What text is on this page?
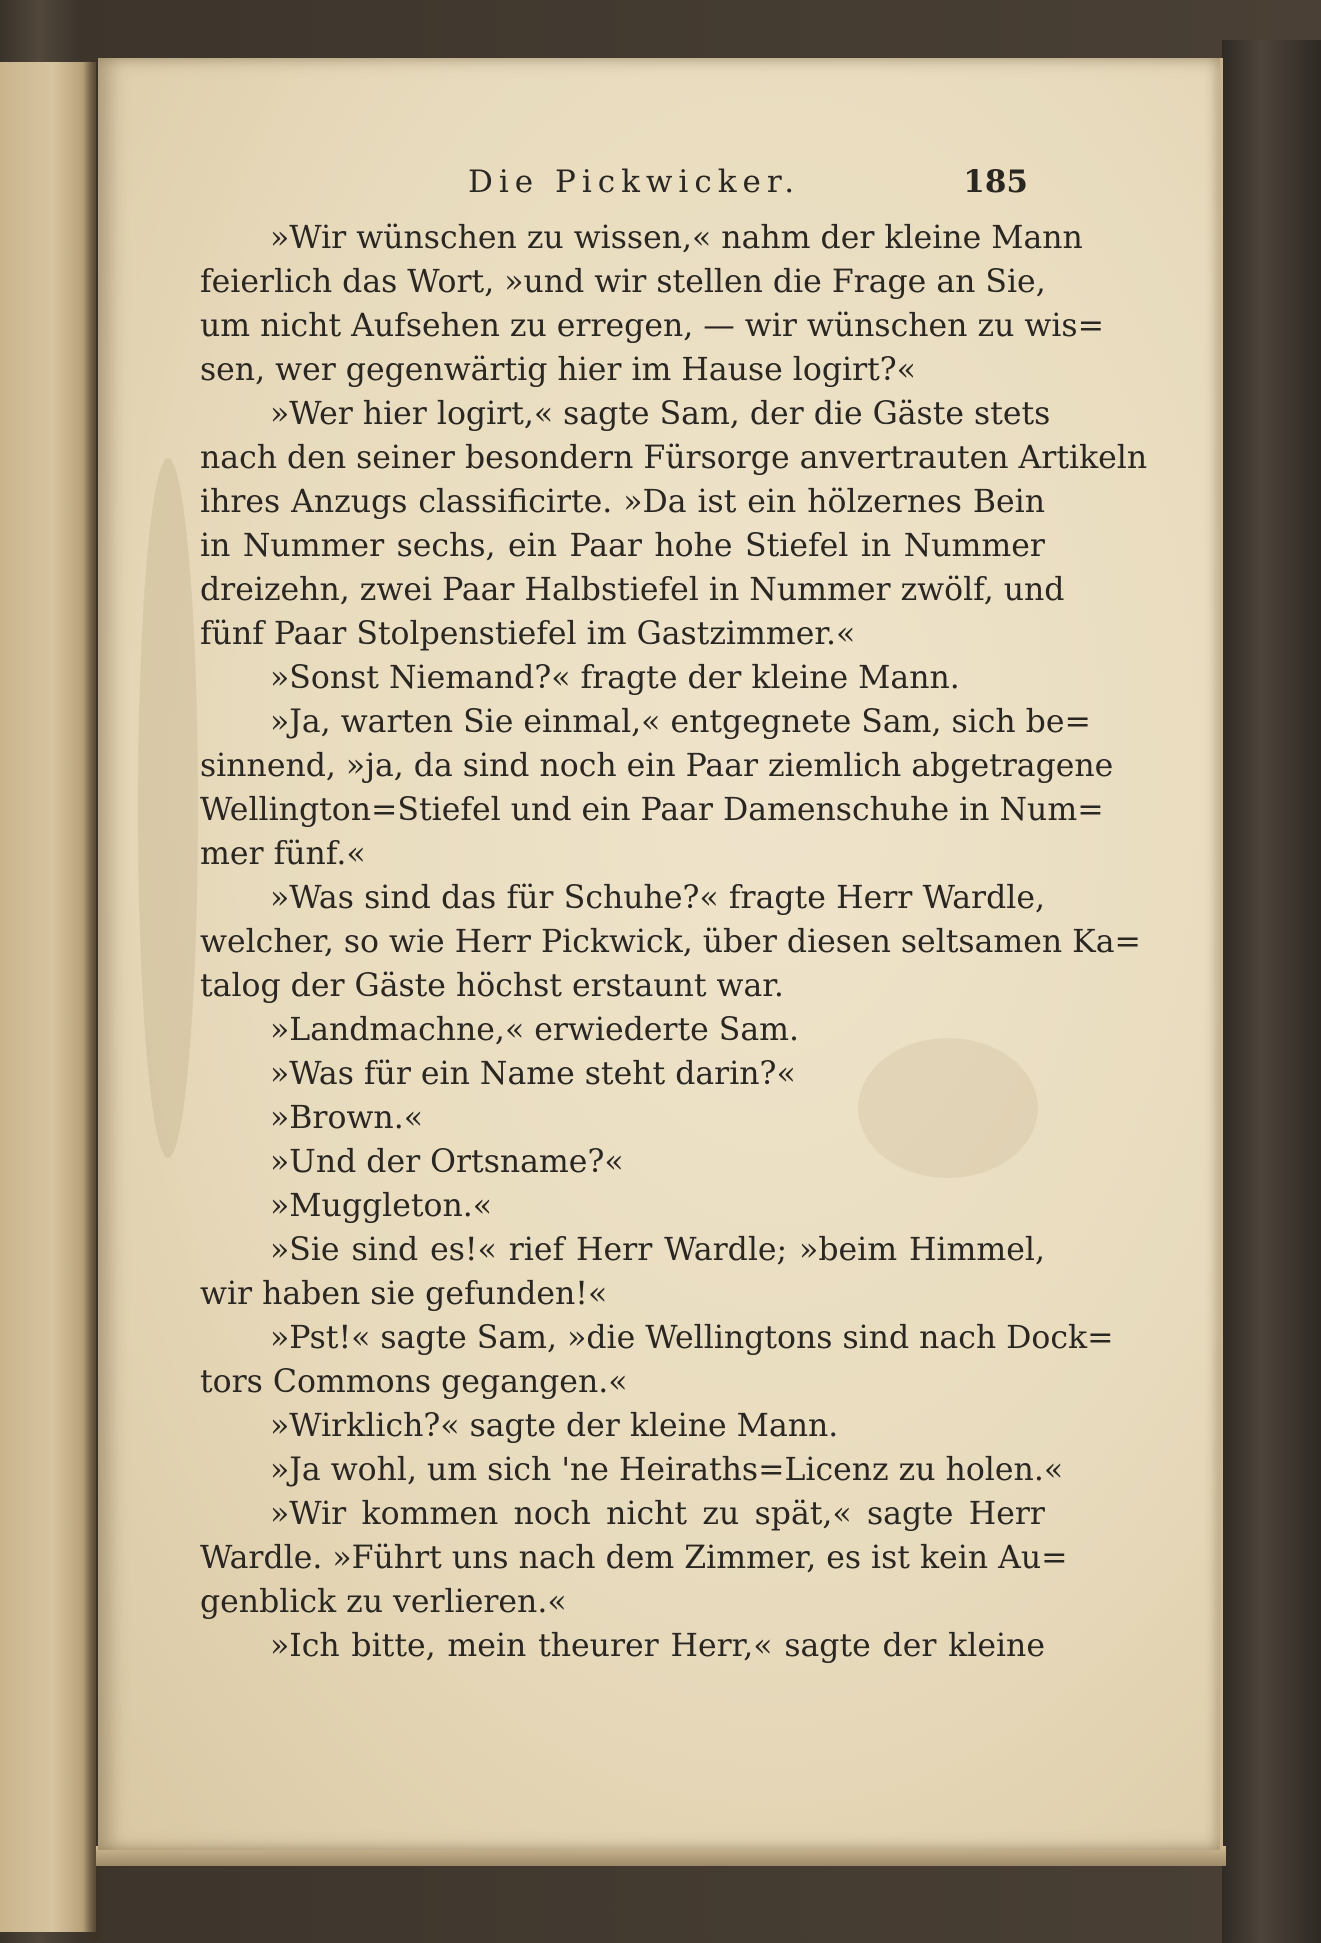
Die Pickwicker.	185
»Wir wünschen zu wissen,« nahm der kleine Mann
feierlich das Wort, »und wir stellen die Frage an Sie,
um nicht Aufsehen zu erregen, — wir wünschen zu wis=
sen, wer gegenwärtig hier im Hause logirt?«
»Wer hier logirt,« sagte Sam, der die Gäste stets
nach den seiner besondern Fürsorge anvertrauten Artikeln
ihres Anzugs classificirte. »Da ist ein hölzernes Bein
in Nummer sechs, ein Paar hohe Stiefel in Nummer
dreizehn, zwei Paar Halbstiefel in Nummer zwölf, und
fünf Paar Stolpenstiefel im Gastzimmer.«
»Sonst Niemand?« fragte der kleine Mann.
»Ja, warten Sie einmal,« entgegnete Sam, sich be=
sinnend, »ja, da sind noch ein Paar ziemlich abgetragene
Wellington=Stiefel und ein Paar Damenschuhe in Num=
mer fünf.«
»Was sind das für Schuhe?« fragte Herr Wardle,
welcher, so wie Herr Pickwick, über diesen seltsamen Ka=
talog der Gäste höchst erstaunt war.
»Landmachne,« erwiederte Sam.
»Was für ein Name steht darin?«
»Brown.«
»Und der Ortsname?«
»Muggleton.«
»Sie sind es!« rief Herr Wardle; »beim Himmel,
wir haben sie gefunden!«
»Pst!« sagte Sam, »die Wellingtons sind nach Dock=
tors Commons gegangen.«
»Wirklich?« sagte der kleine Mann.
»Ja wohl, um sich 'ne Heiraths=Licenz zu holen.«
»Wir kommen noch nicht zu spät,« sagte Herr
Wardle. »Führt uns nach dem Zimmer, es ist kein Au=
genblick zu verlieren.«
»Ich bitte, mein theurer Herr,« sagte der kleine
